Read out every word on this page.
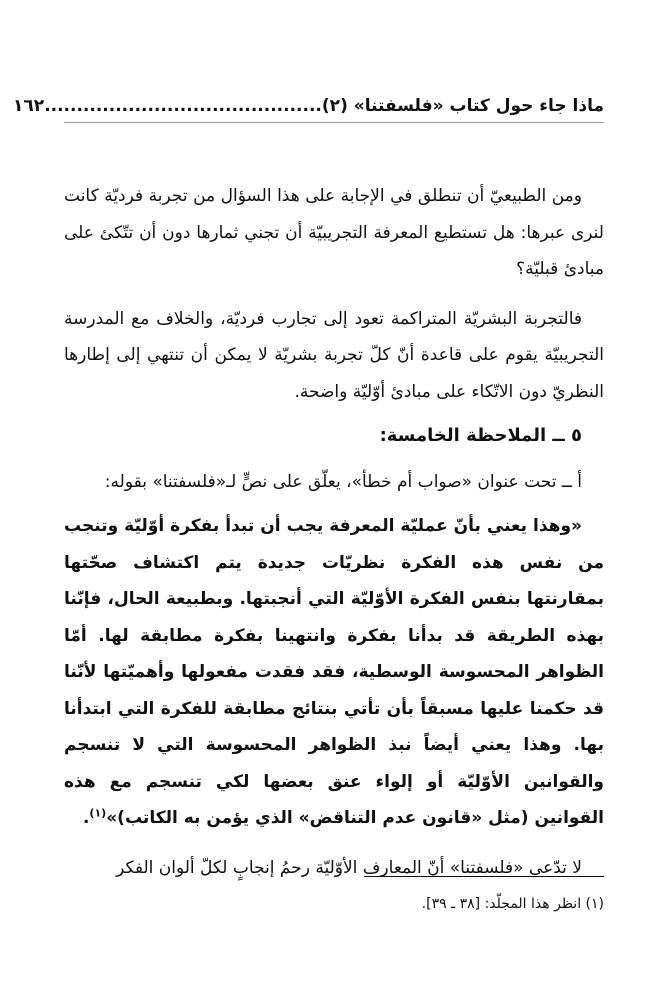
ماذا جاء حول كتاب «فلسفتنا» (٢)
...........................................
١٦٢

ومن الطبيعيّ أن تنطلق في الإجابة على هذا السؤال من تجربة فرديّة كانت لنرى عبرها: هل تستطيع المعرفة التجريبيّة أن تجني ثمارها دون أن تتّكئ على مبادئ قبليّة؟

فالتجربة البشريّة المتراكمة تعود إلى تجارب فرديّة، والخلاف مع المدرسة التجريبيّة يقوم على قاعدة أنّ كلّ تجربة بشريّة لا يمكن أن تنتهي إلى إطارها النظريّ دون الاتّكاء على مبادئ أوّليّة واضحة.

٥ ــ الملاحظة الخامسة:

أ ــ تحت عنوان «صواب أم خطأ»، يعلّق على نصٍّ لـ«فلسفتنا» بقوله:

«وهذا يعني بأنّ عمليّة المعرفة يجب أن تبدأ بفكرة أوّليّة وتنجب من نفس هذه الفكرة نظريّات جديدة يتم اكتشاف صحّتها بمقارنتها بنفس الفكرة الأوّليّة التي أنجبتها. وبطبيعة الحال، فإنّنا بهذه الطريقة قد بدأنا بفكرة وانتهينا بفكرة مطابقة لها. أمّا الظواهر المحسوسة الوسطية، فقد فقدت مفعولها وأهميّتها لأنّنا قد حكمنا عليها مسبقاً بأن تأتي بنتائج مطابقة للفكرة التي ابتدأنا بها. وهذا يعني أيضاً نبذ الظواهر المحسوسة التي لا تنسجم والقوانين الأوّليّة أو إلواء عنق بعضها لكي تنسجم مع هذه القوانين (مثل «قانون عدم التناقض» الذي يؤمن به الكاتب)»$^{(١)}$.

لا تدّعي «فلسفتنا» أنّ المعارف الأوّليّة رحمُ إنجابٍ لكلّ ألوان الفكر

(١) انظر هذا المجلّد: [٣٨ ـ ٣٩].
